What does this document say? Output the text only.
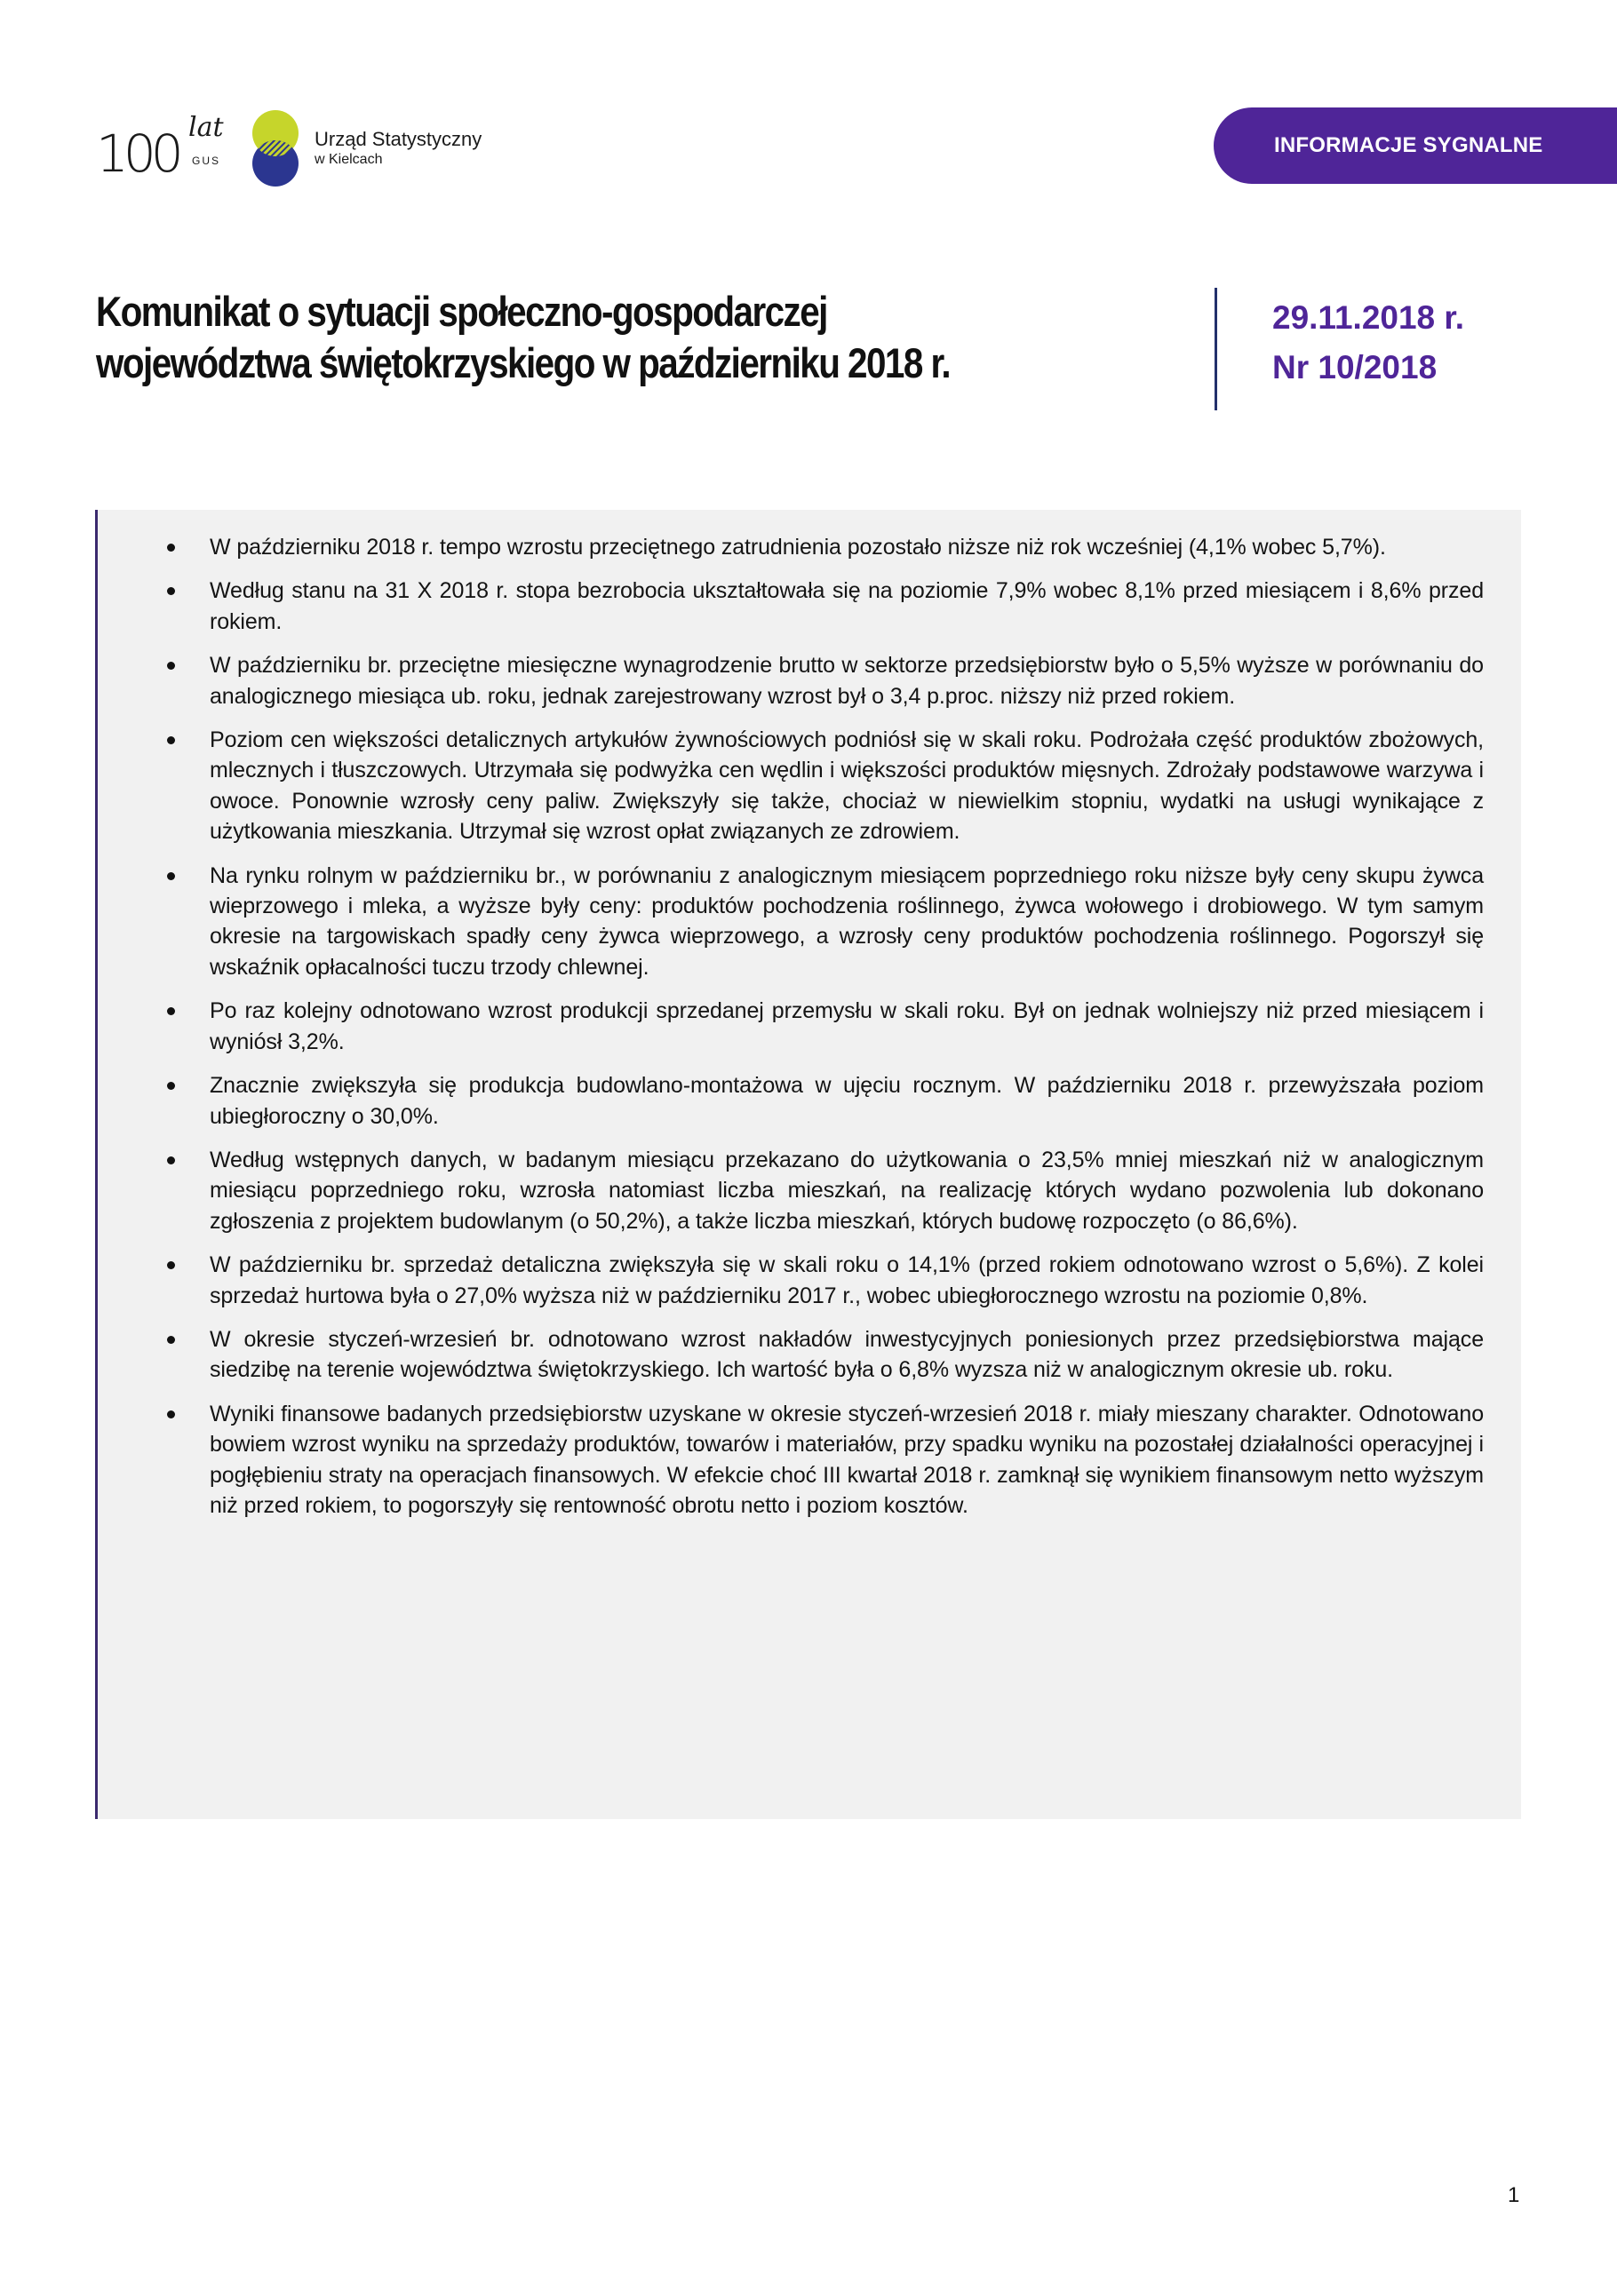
100 lat
GUS
Urząd Statystyczny
w Kielcach
INFORMACJE SYGNALNE
Komunikat o sytuacji społeczno-gospodarczej
województwa świętokrzyskiego w październiku 2018 r.
29.11.2018 r.
Nr 10/2018
W październiku 2018 r. tempo wzrostu przeciętnego zatrudnienia pozostało niższe niż rok wcześniej (4,1% wobec 5,7%).
Według stanu na 31 X 2018 r. stopa bezrobocia ukształtowała się na poziomie 7,9% wobec 8,1% przed miesiącem i 8,6% przed rokiem.
W październiku br. przeciętne miesięczne wynagrodzenie brutto w sektorze przedsiębiorstw było o 5,5% wyższe w porównaniu do analogicznego miesiąca ub. roku, jednak zarejestrowany wzrost był o 3,4 p.proc. niższy niż przed rokiem.
Poziom cen większości detalicznych artykułów żywnościowych podniósł się w skali roku. Podrożała część produktów zbożowych, mlecznych i tłuszczowych. Utrzymała się podwyżka cen wędlin i większości produktów mięsnych. Zdrożały podstawowe warzywa i owoce. Ponownie wzrosły ceny paliw. Zwiększyły się także, chociaż w niewielkim stopniu, wydatki na usługi wynikające z użytkowania mieszkania. Utrzymał się wzrost opłat związanych ze zdrowiem.
Na rynku rolnym w październiku br., w porównaniu z analogicznym miesiącem poprzedniego roku niższe były ceny skupu żywca wieprzowego i mleka, a wyższe były ceny: produktów pochodzenia roślinnego, żywca wołowego i drobiowego. W tym samym okresie na targowiskach spadły ceny żywca wieprzowego, a wzrosły ceny produktów pochodzenia roślinnego. Pogorszył się wskaźnik opłacalności tuczu trzody chlewnej.
Po raz kolejny odnotowano wzrost produkcji sprzedanej przemysłu w skali roku. Był on jednak wolniejszy niż przed miesiącem i wyniósł 3,2%.
Znacznie zwiększyła się produkcja budowlano-montażowa w ujęciu rocznym. W październiku 2018 r. przewyższała poziom ubiegłoroczny o 30,0%.
Według wstępnych danych, w badanym miesiącu przekazano do użytkowania o 23,5% mniej mieszkań niż w analogicznym miesiącu poprzedniego roku, wzrosła natomiast liczba mieszkań, na realizację których wydano pozwolenia lub dokonano zgłoszenia z projektem budowlanym (o 50,2%), a także liczba mieszkań, których budowę rozpoczęto (o 86,6%).
W październiku br. sprzedaż detaliczna zwiększyła się w skali roku o 14,1% (przed rokiem odnotowano wzrost o 5,6%). Z kolei sprzedaż hurtowa była o 27,0% wyższa niż w październiku 2017 r., wobec ubiegłorocznego wzrostu na poziomie 0,8%.
W okresie styczeń-wrzesień br. odnotowano wzrost nakładów inwestycyjnych poniesionych przez przedsiębiorstwa mające siedzibę na terenie województwa świętokrzyskiego. Ich wartość była o 6,8% wyzsza niż w analogicznym okresie ub. roku.
Wyniki finansowe badanych przedsiębiorstw uzyskane w okresie styczeń-wrzesień 2018 r. miały mieszany charakter. Odnotowano bowiem wzrost wyniku na sprzedaży produktów, towarów i materiałów, przy spadku wyniku na pozostałej działalności operacyjnej i pogłębieniu straty na operacjach finansowych. W efekcie choć III kwartał 2018 r. zamknął się wynikiem finansowym netto wyższym niż przed rokiem, to pogorszyły się rentowność obrotu netto i poziom kosztów.
1
